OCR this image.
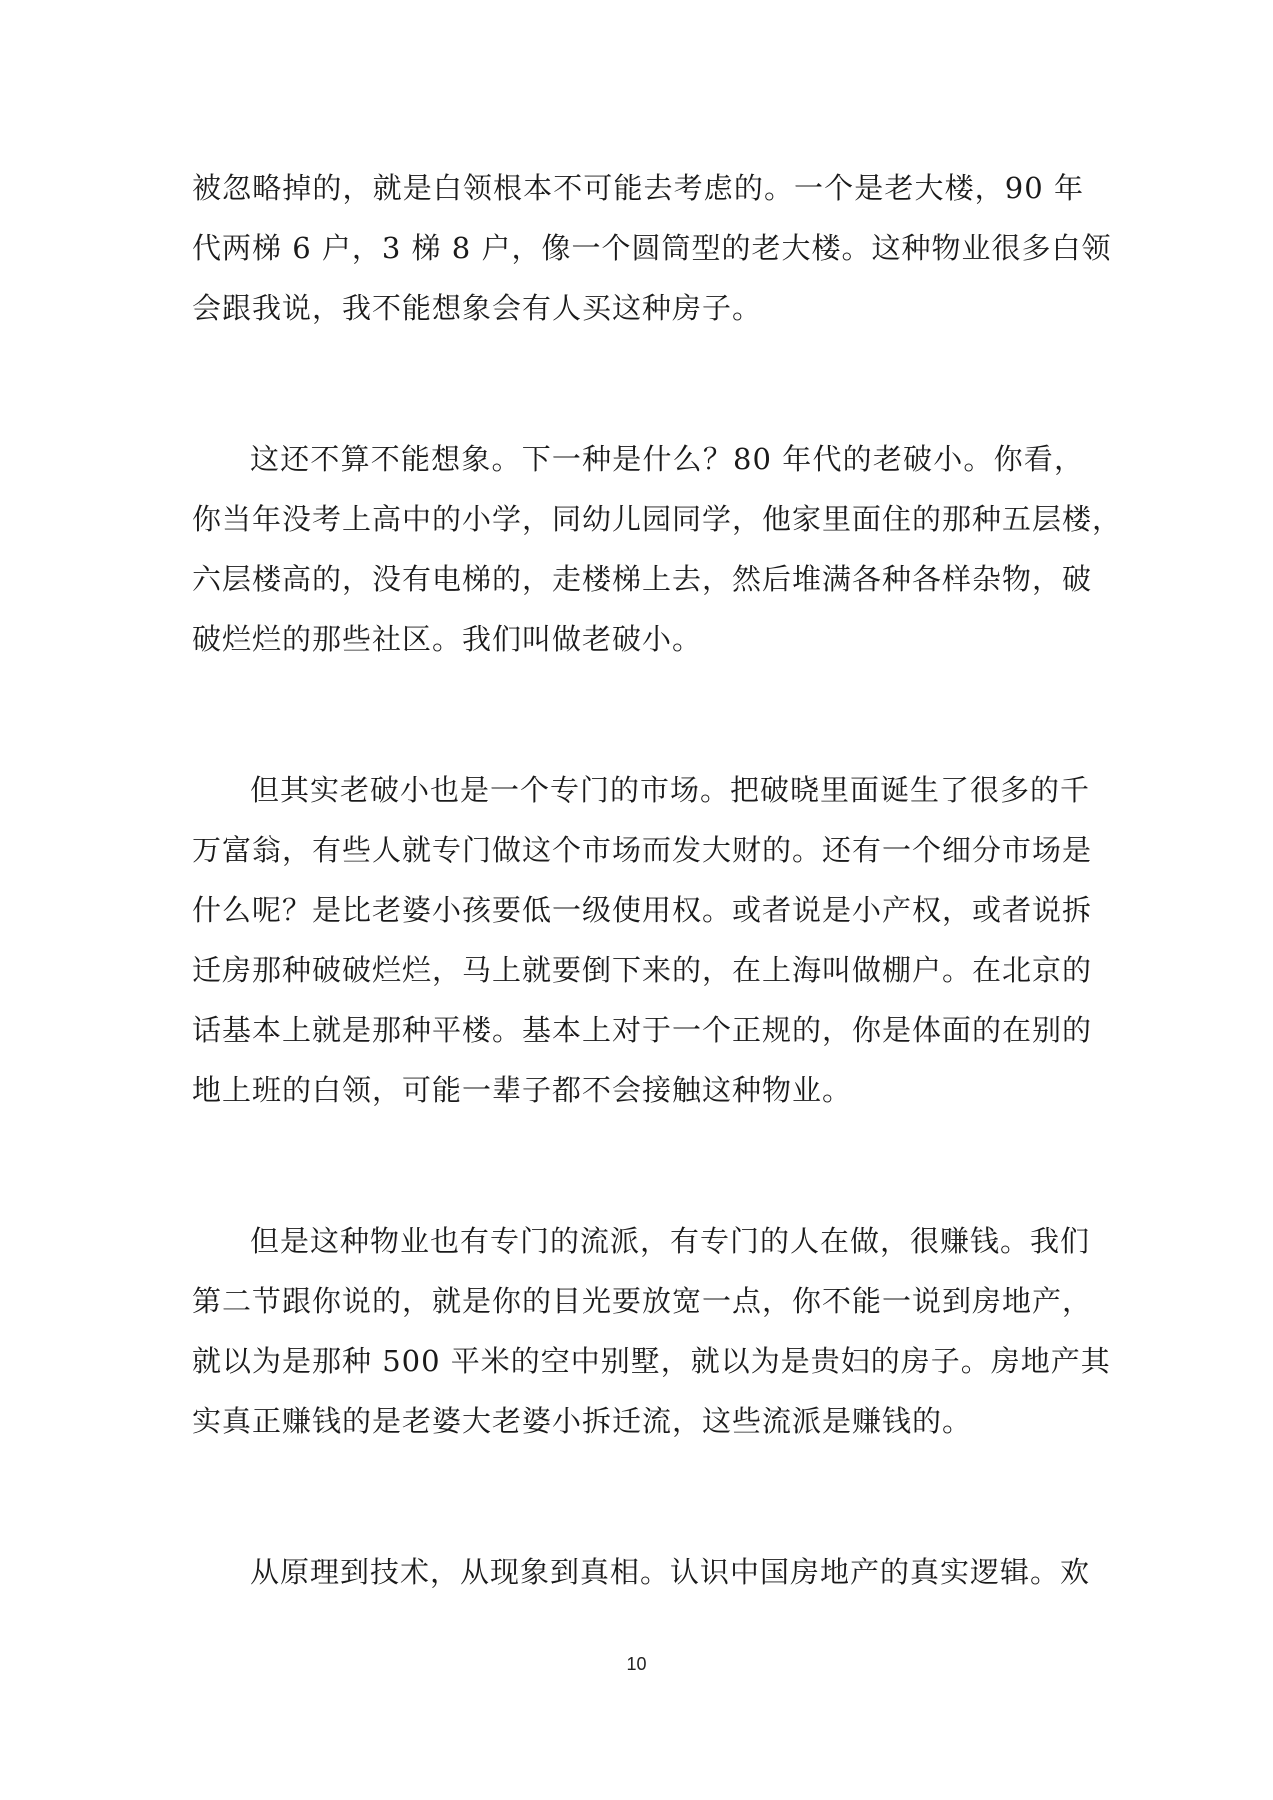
被忽略掉的，就是白领根本不可能去考虑的。一个是老大楼，90 年
代两梯 6 户，3 梯 8 户，像一个圆筒型的老大楼。这种物业很多白领
会跟我说，我不能想象会有人买这种房子。
这还不算不能想象。下一种是什么？80 年代的老破小。你看，
你当年没考上高中的小学，同幼儿园同学，他家里面住的那种五层楼，
六层楼高的，没有电梯的，走楼梯上去，然后堆满各种各样杂物，破
破烂烂的那些社区。我们叫做老破小。
但其实老破小也是一个专门的市场。把破晓里面诞生了很多的千
万富翁，有些人就专门做这个市场而发大财的。还有一个细分市场是
什么呢？是比老婆小孩要低一级使用权。或者说是小产权，或者说拆
迁房那种破破烂烂，马上就要倒下来的，在上海叫做棚户。在北京的
话基本上就是那种平楼。基本上对于一个正规的，你是体面的在别的
地上班的白领，可能一辈子都不会接触这种物业。
但是这种物业也有专门的流派，有专门的人在做，很赚钱。我们
第二节跟你说的，就是你的目光要放宽一点，你不能一说到房地产，
就以为是那种 500 平米的空中别墅，就以为是贵妇的房子。房地产其
实真正赚钱的是老婆大老婆小拆迁流，这些流派是赚钱的。
从原理到技术，从现象到真相。认识中国房地产的真实逻辑。欢
10
